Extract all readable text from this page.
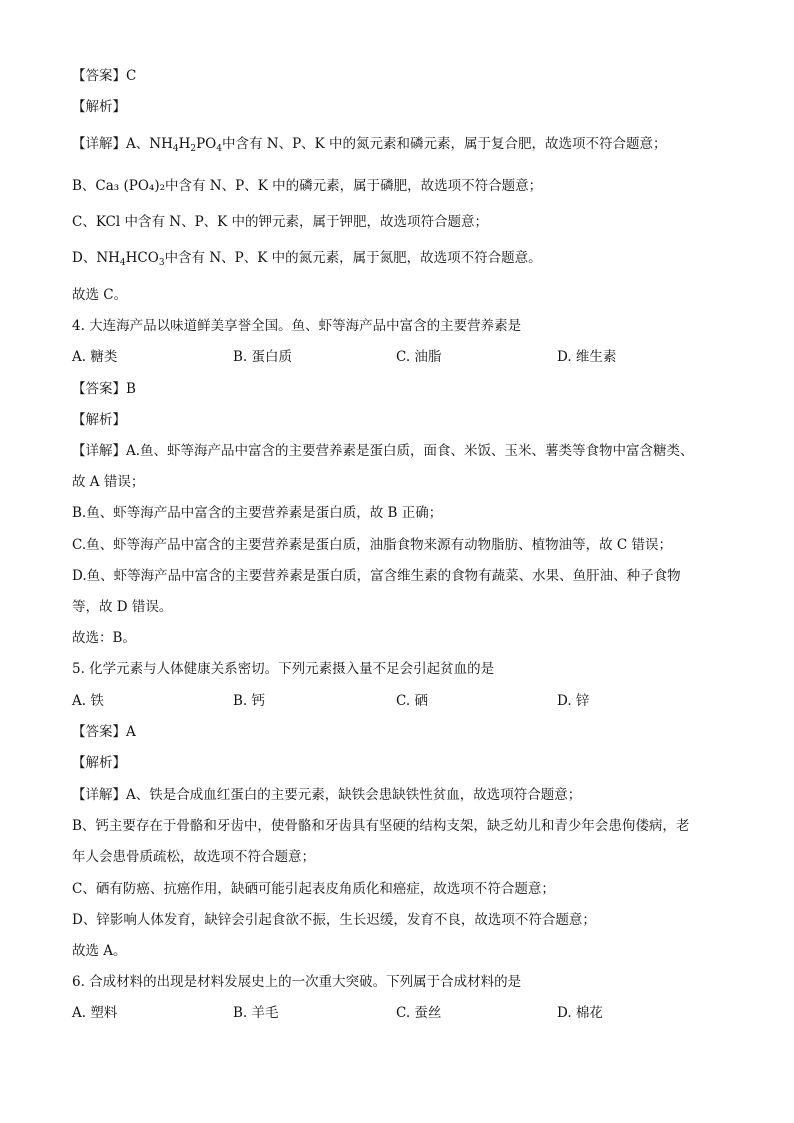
【答案】C
【解析】
【详解】A、$NH_4H_2PO_4$中含有 N、P、K 中的氮元素和磷元素，属于复合肥，故选项不符合题意；
B、Ca₃ (PO₄)₂中含有 N、P、K 中的磷元素，属于磷肥，故选项不符合题意；
C、KCl 中含有 N、P、K 中的钾元素，属于钾肥，故选项符合题意；
D、$NH_4HCO_3$中含有 N、P、K 中的氮元素，属于氮肥，故选项不符合题意。
故选 C。
4. 大连海产品以味道鲜美享誉全国。鱼、虾等海产品中富含的主要营养素是
A. 糖类	B. 蛋白质	C. 油脂	D. 维生素
【答案】B
【解析】
【详解】A.鱼、虾等海产品中富含的主要营养素是蛋白质，面食、米饭、玉米、薯类等食物中富含糖类、
故 A 错误；
B.鱼、虾等海产品中富含的主要营养素是蛋白质，故 B 正确；
C.鱼、虾等海产品中富含的主要营养素是蛋白质，油脂食物来源有动物脂肪、植物油等，故 C 错误；
D.鱼、虾等海产品中富含的主要营养素是蛋白质，富含维生素的食物有蔬菜、水果、鱼肝油、种子食物
等，故 D 错误。
故选：B。
5. 化学元素与人体健康关系密切。下列元素摄入量不足会引起贫血的是
A. 铁	B. 钙	C. 硒	D. 锌
【答案】A
【解析】
【详解】A、铁是合成血红蛋白的主要元素，缺铁会患缺铁性贫血，故选项符合题意；
B、钙主要存在于骨骼和牙齿中，使骨骼和牙齿具有坚硬的结构支架，缺乏幼儿和青少年会患佝偻病，老
年人会患骨质疏松，故选项不符合题意；
C、硒有防癌、抗癌作用，缺硒可能引起表皮角质化和癌症，故选项不符合题意；
D、锌影响人体发育，缺锌会引起食欲不振，生长迟缓，发育不良，故选项不符合题意；
故选 A。
6. 合成材料的出现是材料发展史上的一次重大突破。下列属于合成材料的是
A. 塑料	B. 羊毛	C. 蚕丝	D. 棉花
